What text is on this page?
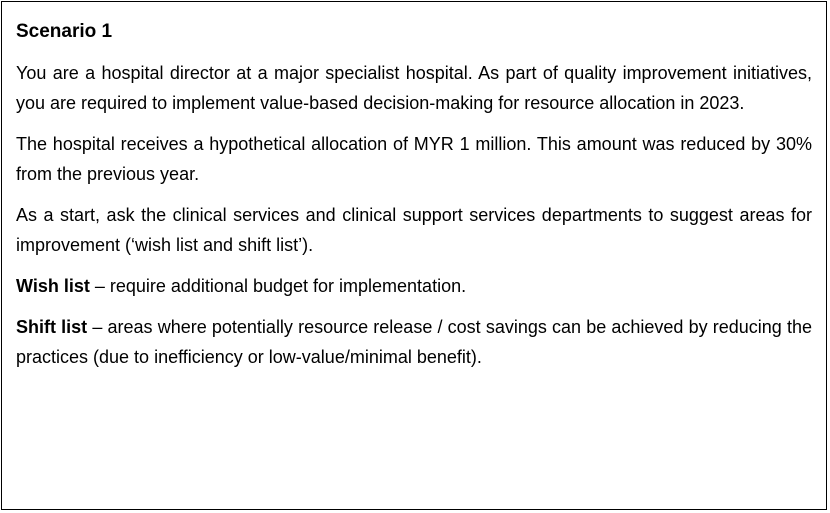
Scenario 1

You are a hospital director at a major specialist hospital. As part of quality improvement initiatives, you are required to implement value-based decision-making for resource allocation in 2023.

The hospital receives a hypothetical allocation of MYR 1 million. This amount was reduced by 30% from the previous year.

As a start, ask the clinical services and clinical support services departments to suggest areas for improvement (‘wish list and shift list’).

Wish list – require additional budget for implementation.

Shift list – areas where potentially resource release / cost savings can be achieved by reducing the practices (due to inefficiency or low-value/minimal benefit).
